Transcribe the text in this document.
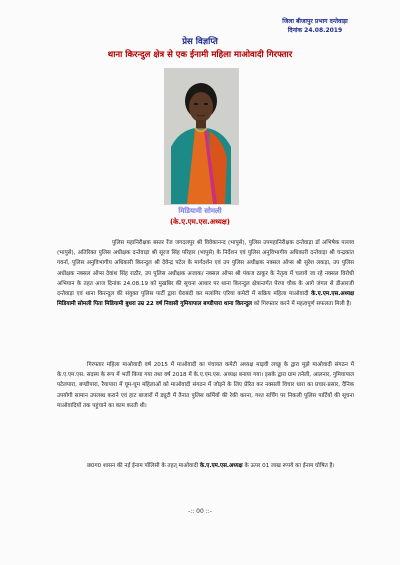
जिला बीजापुर प्रभाग दन्तेवाड़ा
दिनांक 24.08.2019
प्रेस विज्ञप्ति
थाना किरन्दुल क्षेत्र से एक ईनामी महिला माओवादी गिरफ्तार
मिडियामी सोमली
(के.ए.एम.एस.अध्यक्ष)

पुलिस महानिरीक्षक बस्तर रेंज जगदलपुर श्री विवेकानन्द (भापुसे), पुलिस उपमहानिरीक्षक दन्तेवाड़ा डॉ अभिषेक पल्लव (भापुसे), अतिरिक्त पुलिस अधीक्षक दन्तेवाड़ा श्री सूरज सिंह परिहार (भापुसे) के निर्देशन एवं पुलिस अनुविभागीय अधिकारी दन्तेवाड़ा श्री चन्द्रकांत गवर्ना, पुलिस अनुविभागीय अधिकारी किरन्दुल श्री देवेन्द्र पटेल के मार्गदर्शन एवं उप पुलिस अधीक्षक नक्सल ऑप्स श्री सुरेश लकड़ा, उप पुलिस अधीक्षक नक्सल ऑप्स देवांश सिंह राठौर, उप पुलिस अधीक्षक अजाक/ नक्सल ऑप्स श्री पंकज ठाकुर के नेतृत्व में चलाये जा रहे नक्सल विरोधी अभियान के तहत आज दिनांक 24.08.19 को मुखबिर की सूचना आधार पर थाना किरन्दुल क्षेत्रान्तर्गत पेरपा चौक के आगे जंगल से डीआरजी दन्तेवाड़ा एवं थाना किरन्दुल की संयुक्त पुलिस पार्टी द्वारा घेराबंदी कर मलांगिर एरिया कमेटी में सक्रिय महिला माओवादी के.ए.एम.एस.अध्यक्ष मिडियामी सोमली पिता मिडियामी बुधरा उम्र 22 वर्ष निवासी गुमियापाल बण्डीपारा थाना किरन्दुल को गिरफ्तार करने में महत्वपूर्ण सफलता मिली है।

गिरफ्तार महिला माओवादी वर्ष 2015 में माओवादी का पंचायत कमेटी अध्यक्ष माड़वी लच्छू के द्वारा मुझे माओवादी संगठन में के.ए.एम.एस. सदस्य के रूप में भर्ती किया गया तथा वर्ष 2018 में के.ए.एम.एस. अध्यक्ष बनाया गया। इसके द्वारा ग्राम तनेली, आलनार, गुमियापाल पटेलपारा, बण्डीपारा, रैयापारा में घूम-घूम महिलाओं को माओवादी संगठन में जोड़ने के लिए प्रेरित कर नक्सली विचार धारा का प्रचार-प्रसार, दैनिक उपयोगी सामान उपलब्ध कराने एवं हाट बाजारों में ड्यूटी में तैनात पुलिस कर्मियों की रेकी करना, गश्त सर्चिंग पर निकली पुलिस पार्टियों की सूचना माओवादियों तक पहुंचाने का काम करती थी।

छ0ग0 शासन की नई ईनाम पॉलिसी के तहत् माओवादी के.ए.एम.एस.अध्यक्ष के ऊपर 01 लाख रूपये का ईनाम घोषित है।

-:: 00 ::-
